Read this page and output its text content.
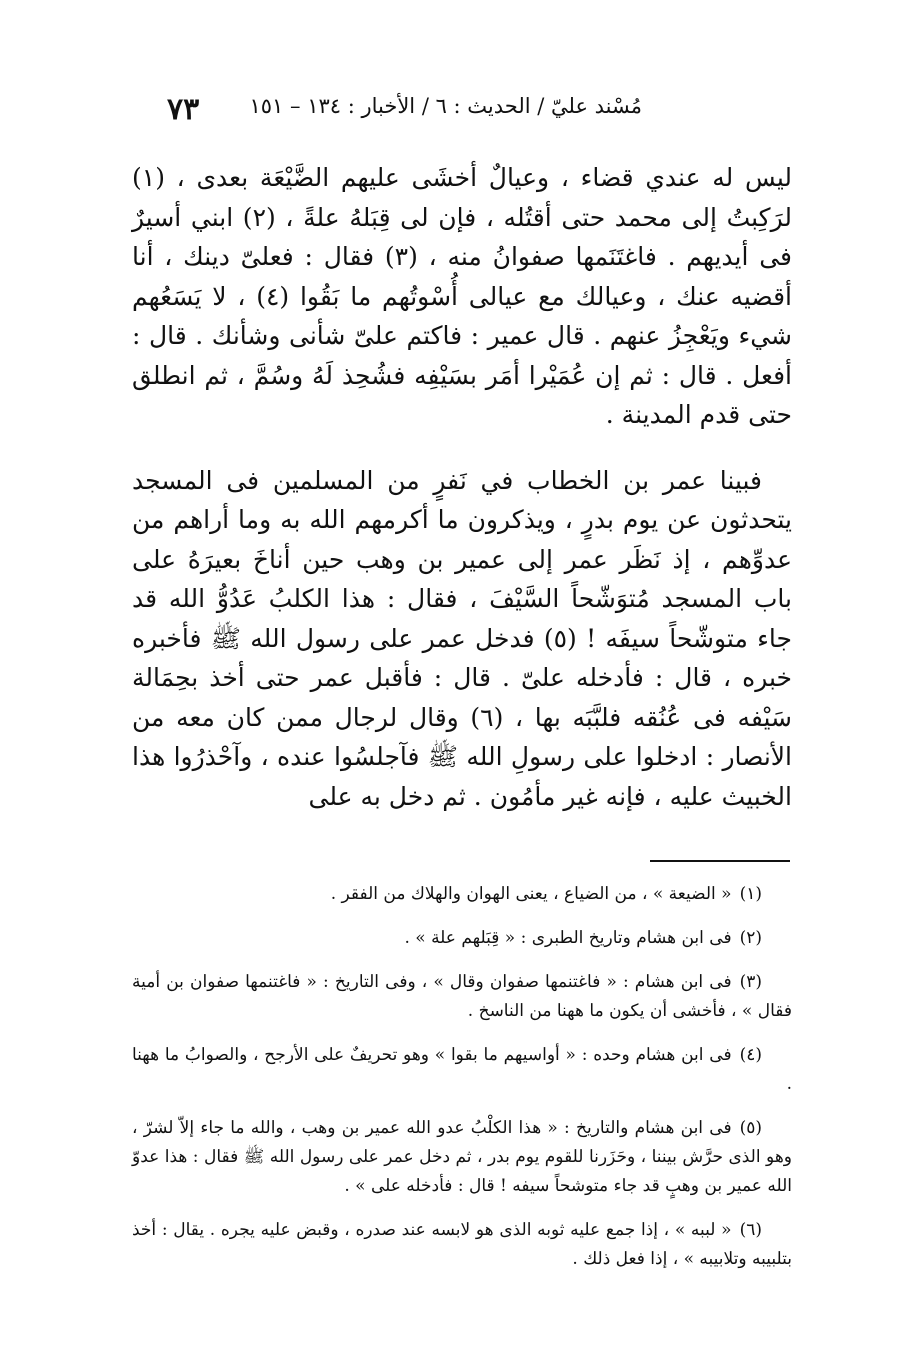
مُسْند عليّ / الحديث : ٦ / الأخبار : ١٣٤ – ١٥١
٧٣

ليس له عندي قضاء ، وعيالٌ أخشَى عليهم الضَّيْعَة بعدى ، (١) لرَكِبتُ إلى محمد حتى أقتُله ، فإن لى قِبَلهُ علةً ، (٢) ابني أسيرٌ فى أيديهم . فاغتَنَمها صفوانُ منه ، (٣) فقال : فعلىّ دينك ، أنا أقضيه عنك ، وعيالك مع عيالى أُسْوتُهم ما بَقُوا (٤) ، لا يَسَعُهم شيء ويَعْجِزُ عنهم . قال عمير : فاكتم علىّ شأنى وشأنك . قال : أفعل . قال : ثم إن عُمَيْرا أمَر بسَيْفِه فشُحِذ لَهُ وسُمَّ ، ثم انطلق حتى قدم المدينة .

فبينا عمر بن الخطاب في نَفرٍ من المسلمين فى المسجد يتحدثون عن يوم بدرٍ ، ويذكرون ما أكرمهم الله به وما أراهم من عدوِّهم ، إذ نَظَر عمر إلى عمير بن وهب حين أناخَ بعيرَهُ على باب المسجد مُتوَشّحاً السَّيْفَ ، فقال : هذا الكلبُ عَدُوُّ الله قد جاء متوشّحاً سيفَه ! (٥) فدخل عمر على رسول الله ﷺ فأخبره خبره ، قال : فأدخله علىّ . قال : فأقبل عمر حتى أخذ بحِمَالة سَيْفه فى عُنُقه فلبَّبَه بها ، (٦) وقال لرجال ممن كان معه من الأنصار : ادخلوا على رسولِ الله ﷺ فآجلسُوا عنده ، وآحْذرُوا هذا الخبيث عليه ، فإنه غير مأمُون . ثم دخل به على

(١)« الضيعة » ، من الضياع ، يعنى الهوان والهلاك من الفقر .

(٢)فى ابن هشام وتاريخ الطبرى : « قِبَلهم علة » .

(٣)فى ابن هشام : « فاغتنمها صفوان وقال » ، وفى التاريخ : « فاغتنمها صفوان بن أمية فقال » ، فأخشى أن يكون ما ههنا من الناسخ .

(٤)فى ابن هشام وحده : « أواسيهم ما بقوا » وهو تحريفٌ على الأرجح ، والصوابُ ما ههنا .

(٥)فى ابن هشام والتاريخ : « هذا الكلْبُ عدو الله عمير بن وهب ، والله ما جاء إلاّ لشرّ ، وهو الذى حرَّش بيننا ، وحَزَرنا للقوم يوم بدر ، ثم دخل عمر على رسول الله ﷺ فقال : هذا عدوّ الله عمير بن وهبٍ قد جاء متوشحاً سيفه ! قال : فأدخله على » .

(٦)« لببه » ، إذا جمع عليه ثوبه الذى هو لابسه عند صدره ، وقبض عليه يجره . يقال : أخذ بتلبيبه وتلابيبه » ، إذا فعل ذلك .
